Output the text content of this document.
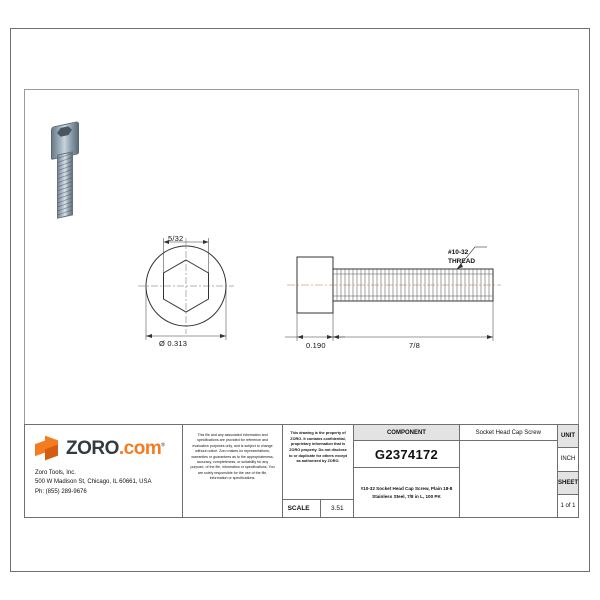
5/32
Ø 0.313	0.190	7/8
#10-32
THREAD
ZORO.com®
Zoro Tools, Inc.
500 W Madison St, Chicago, IL 60661, USA
Ph: (855) 289-9676
This file and any associated information and specifications are provided for reference and evaluation purposes only, and is subject to change without notice. Zoro makes no representations, warranties or guarantees as to the appropriateness, accuracy, completeness, or suitability for any purpose, of the file, information or specifications. You are solely responsible for the use of the file, information or specifications.
This drawing is the property of ZORO. It contains confidential, proprietary information that is ZORO property. Do not disclose to or duplicate for others except as authorized by ZORO.
SCALE	3.51
COMPONENT
G2374172
#10-32 Socket Head Cap Screw, Plain 18-8 Stainless Steel, 7/8 in L, 100 PK
Socket Head Cap Screw
UNIT
INCH
SHEET
1 of 1
